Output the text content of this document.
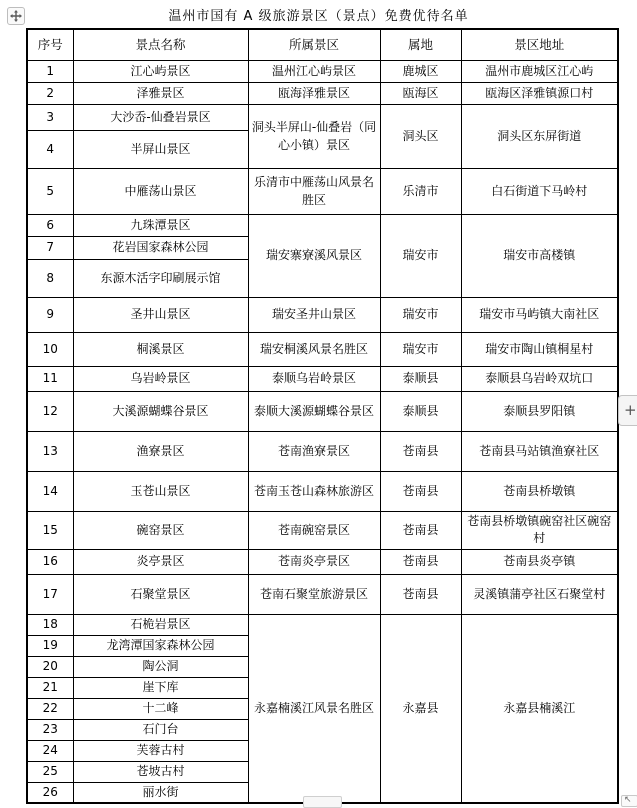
温州市国有 A 级旅游景区（景点）免费优待名单
序号	景点名称	所属景区	属地	景区地址
1	江心屿景区	温州江心屿景区	鹿城区	温州市鹿城区江心屿
2	泽雅景区	瓯海泽雅景区	瓯海区	瓯海区泽雅镇源口村
3	大沙岙-仙叠岩景区	洞头半屏山-仙叠岩（同心小镇）景区	洞头区	洞头区东屏街道
4	半屏山景区			
5	中雁荡山景区	乐清市中雁荡山风景名胜区	乐清市	白石街道下马岭村
6	九珠潭景区	瑞安寨寮溪风景区	瑞安市	瑞安市高楼镇
7	花岩国家森林公园			
8	东源木活字印刷展示馆			
9	圣井山景区	瑞安圣井山景区	瑞安市	瑞安市马屿镇大南社区
10	桐溪景区	瑞安桐溪风景名胜区	瑞安市	瑞安市陶山镇桐星村
11	乌岩岭景区	泰顺乌岩岭景区	泰顺县	泰顺县乌岩岭双坑口
12	大溪源蝴蝶谷景区	泰顺大溪源蝴蝶谷景区	泰顺县	泰顺县罗阳镇
13	渔寮景区	苍南渔寮景区	苍南县	苍南县马站镇渔寮社区
14	玉苍山景区	苍南玉苍山森林旅游区	苍南县	苍南县桥墩镇
15	碗窑景区	苍南碗窑景区	苍南县	苍南县桥墩镇碗窑社区碗窑村
16	炎亭景区	苍南炎亭景区	苍南县	苍南县炎亭镇
17	石聚堂景区	苍南石聚堂旅游景区	苍南县	灵溪镇蒲亭社区石聚堂村
18	石桅岩景区	永嘉楠溪江风景名胜区	永嘉县	永嘉县楠溪江
19	龙湾潭国家森林公园			
20	陶公洞			
21	崖下库			
22	十二峰			
23	石门台			
24	芙蓉古村			
25	苍坡古村			
26	丽水街			
+
↖
